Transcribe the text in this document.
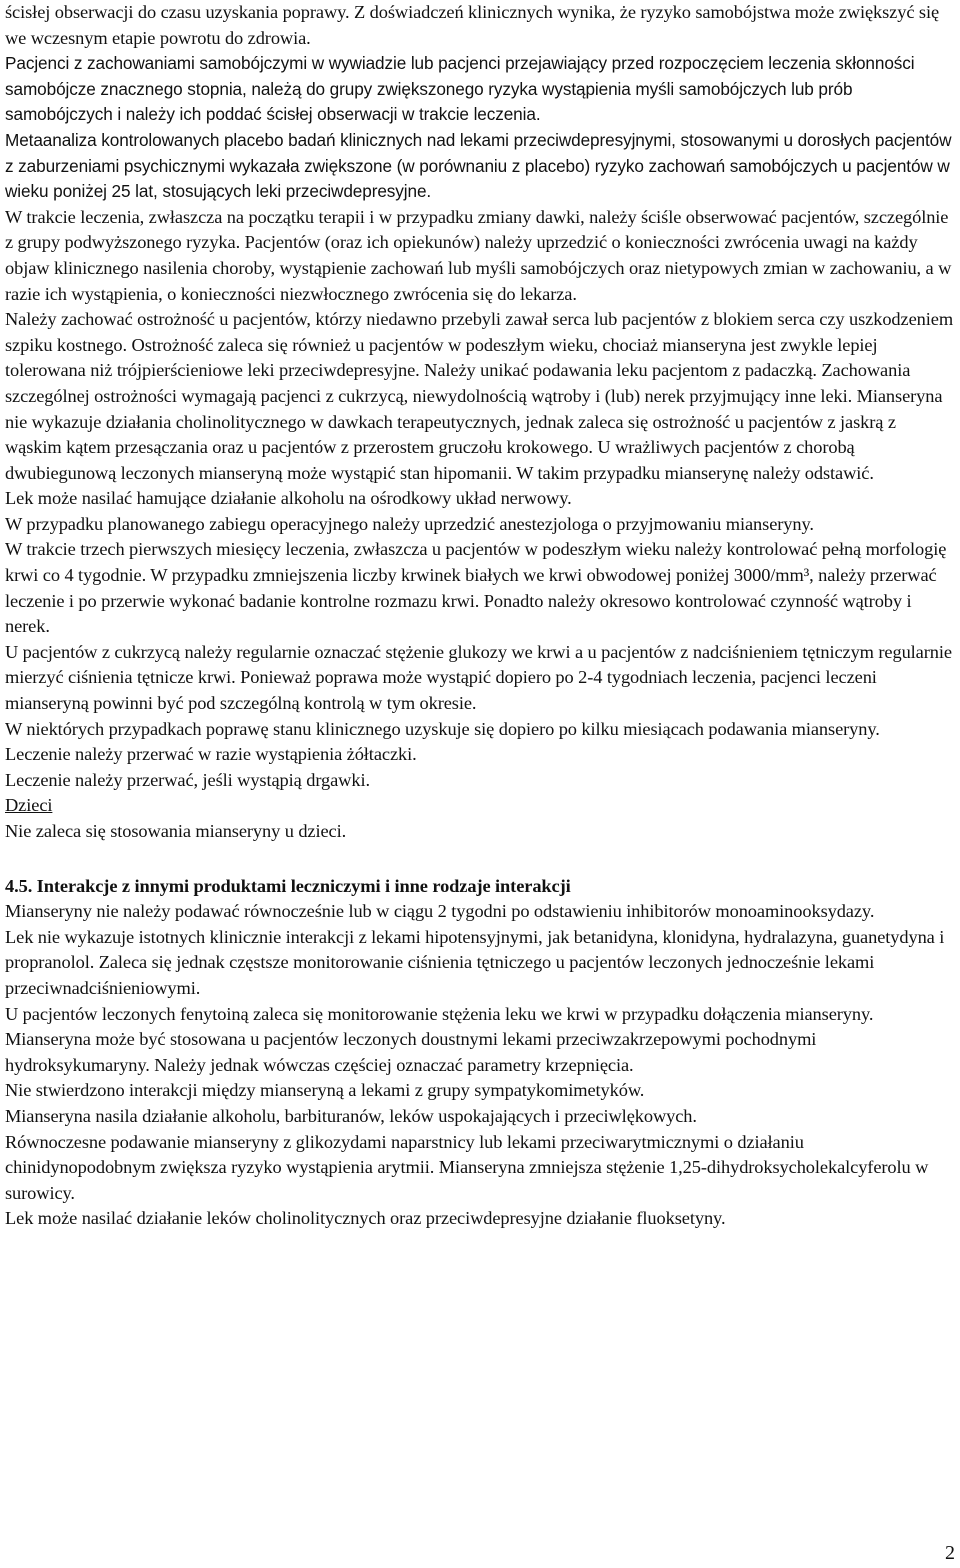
ścisłej obserwacji do czasu uzyskania poprawy. Z doświadczeń klinicznych wynika, że ryzyko samobójstwa może zwiększyć się we wczesnym etapie powrotu do zdrowia.

Pacjenci z zachowaniami samobójczymi w wywiadzie lub pacjenci przejawiający przed rozpoczęciem leczenia skłonności samobójcze znacznego stopnia, należą do grupy zwiększonego ryzyka wystąpienia myśli samobójczych lub prób samobójczych i należy ich poddać ścisłej obserwacji w trakcie leczenia.

Metaanaliza kontrolowanych placebo badań klinicznych nad lekami przeciwdepresyjnymi, stosowanymi u dorosłych pacjentów z zaburzeniami psychicznymi wykazała zwiększone (w porównaniu z placebo) ryzyko zachowań samobójczych u pacjentów w wieku poniżej 25 lat, stosujących leki przeciwdepresyjne.

W trakcie leczenia, zwłaszcza na początku terapii i w przypadku zmiany dawki, należy ściśle obserwować pacjentów, szczególnie z grupy podwyższonego ryzyka. Pacjentów (oraz ich opiekunów) należy uprzedzić o konieczności zwrócenia uwagi na każdy objaw klinicznego nasilenia choroby, wystąpienie zachowań lub myśli samobójczych oraz nietypowych zmian w zachowaniu, a w razie ich wystąpienia, o konieczności niezwłocznego zwrócenia się do lekarza.

Należy zachować ostrożność u pacjentów, którzy niedawno przebyli zawał serca lub pacjentów z blokiem serca czy uszkodzeniem szpiku kostnego. Ostrożność zaleca się również u pacjentów w podeszłym wieku, chociaż mianseryna jest zwykle lepiej tolerowana niż trójpierścieniowe leki przeciwdepresyjne. Należy unikać podawania leku pacjentom z padaczką. Zachowania szczególnej ostrożności wymagają pacjenci z cukrzycą, niewydolnością wątroby i (lub) nerek przyjmujący inne leki. Mianseryna nie wykazuje działania cholinolitycznego w dawkach terapeutycznych, jednak zaleca się ostrożność u pacjentów z jaskrą z wąskim kątem przesączania oraz u pacjentów z przerostem gruczołu krokowego. U wrażliwych pacjentów z chorobą dwubiegunową leczonych mianseryną może wystąpić stan hipomanii. W takim przypadku mianserynę należy odstawić.

Lek może nasilać hamujące działanie alkoholu na ośrodkowy układ nerwowy.

W przypadku planowanego zabiegu operacyjnego należy uprzedzić anestezjologa o przyjmowaniu mianseryny.

W trakcie trzech pierwszych miesięcy leczenia, zwłaszcza u pacjentów w podeszłym wieku należy kontrolować pełną morfologię krwi co 4 tygodnie. W przypadku zmniejszenia liczby krwinek białych we krwi obwodowej poniżej 3000/mm³, należy przerwać leczenie i po przerwie wykonać badanie kontrolne rozmazu krwi. Ponadto należy okresowo kontrolować czynność wątroby i nerek.

U pacjentów z cukrzycą należy regularnie oznaczać stężenie glukozy we krwi a u pacjentów z nadciśnieniem tętniczym regularnie mierzyć ciśnienia tętnicze krwi. Ponieważ poprawa może wystąpić dopiero po 2-4 tygodniach leczenia, pacjenci leczeni mianseryną powinni być pod szczególną kontrolą w tym okresie.

W niektórych przypadkach poprawę stanu klinicznego uzyskuje się dopiero po kilku miesiącach podawania mianseryny.

Leczenie należy przerwać w razie wystąpienia żółtaczki.

Leczenie należy przerwać, jeśli wystąpią drgawki.

Dzieci

Nie zaleca się stosowania mianseryny u dzieci.

4.5. Interakcje z innymi produktami leczniczymi i inne rodzaje interakcji

Mianseryny nie należy podawać równocześnie lub w ciągu 2 tygodni po odstawieniu inhibitorów monoaminooksydazy.

Lek nie wykazuje istotnych klinicznie interakcji z lekami hipotensyjnymi, jak betanidyna, klonidyna, hydralazyna, guanetydyna i propranolol. Zaleca się jednak częstsze monitorowanie ciśnienia tętniczego u pacjentów leczonych jednocześnie lekami przeciwnadciśnieniowymi.

U pacjentów leczonych fenytoiną zaleca się monitorowanie stężenia leku we krwi w przypadku dołączenia mianseryny.

Mianseryna może być stosowana u pacjentów leczonych doustnymi lekami przeciwzakrzepowymi pochodnymi hydroksykumaryny. Należy jednak wówczas częściej oznaczać parametry krzepnięcia.

Nie stwierdzono interakcji między mianseryną a lekami z grupy sympatykomimetyków.

Mianseryna nasila działanie alkoholu, barbituranów, leków uspokajających i przeciwlękowych.

Równoczesne podawanie mianseryny z glikozydami naparstnicy lub lekami przeciwarytmicznymi o działaniu chinidynopodobnym zwiększa ryzyko wystąpienia arytmii. Mianseryna zmniejsza stężenie 1,25-dihydroksycholekalcyferolu w surowicy.

Lek może nasilać działanie leków cholinolitycznych oraz przeciwdepresyjne działanie fluoksetyny.

2
